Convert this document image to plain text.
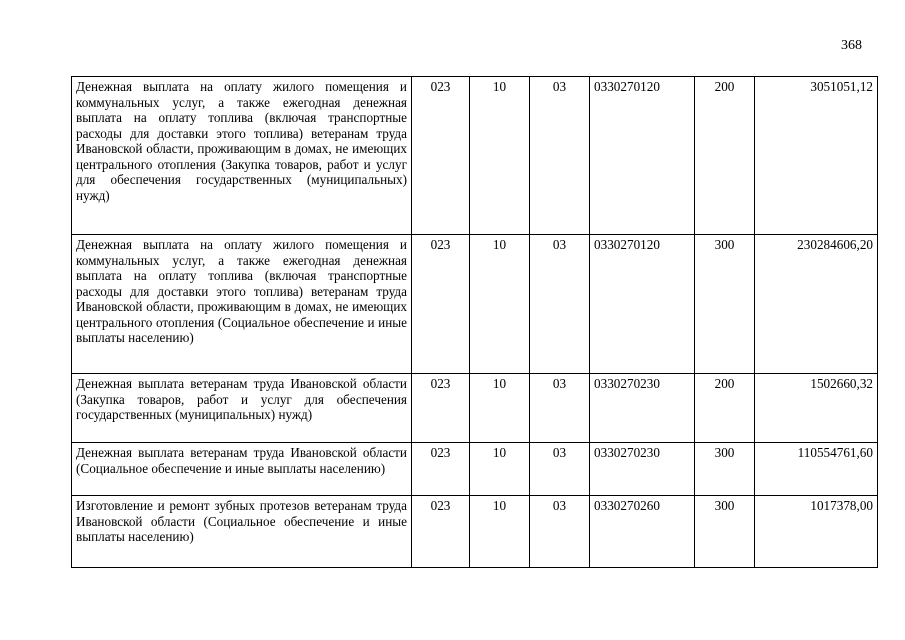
368
Денежная выплата на оплату жилого помещения и коммунальных услуг, а также ежегодная денежная выплата на оплату топлива (включая транспортные расходы для доставки этого топлива) ветеранам труда Ивановской области, проживающим в домах, не имеющих центрального отопления (Закупка товаров, работ и услуг для обеспечения государственных (муниципальных) нужд)	023	10	03	0330270120	200	3051051,12
Денежная выплата на оплату жилого помещения и коммунальных услуг, а также ежегодная денежная выплата на оплату топлива (включая транспортные расходы для доставки этого топлива) ветеранам труда Ивановской области, проживающим в домах, не имеющих центрального отопления (Социальное обеспечение и иные выплаты населению)	023	10	03	0330270120	300	230284606,20
Денежная выплата ветеранам труда Ивановской области (Закупка товаров, работ и услуг для обеспечения государственных (муниципальных) нужд)	023	10	03	0330270230	200	1502660,32
Денежная выплата ветеранам труда Ивановской области (Социальное обеспечение и иные выплаты населению)	023	10	03	0330270230	300	110554761,60
Изготовление и ремонт зубных протезов ветеранам труда Ивановской области (Социальное обеспечение и иные выплаты населению)	023	10	03	0330270260	300	1017378,00
